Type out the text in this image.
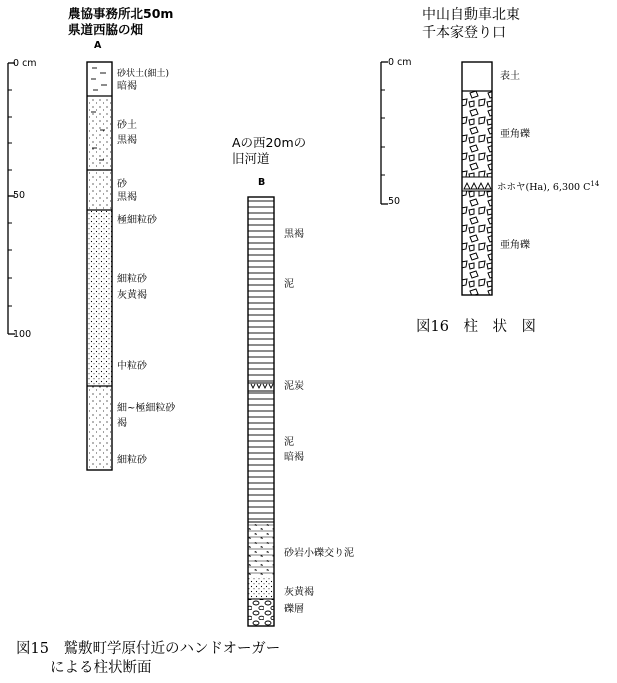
農協事務所北50m
県道西脇の畑
A
Aの西20mの
旧河道
B
0 cm
50
100
砂状土(細土)
暗褐
砂土
黒褐
砂
黒褐
極細粒砂
細粒砂
灰黄褐
中粒砂
細~極細粒砂
褐
細粒砂
黒褐
泥
泥炭
泥
暗褐
砂岩小礫交り泥
灰黄褐
礫層
図15　鷲敷町学原付近のハンドオーガー
による柱状断面
中山自動車北東
千本家登り口
0 cm
50
表土
亜角礫
ホホヤ(Ha), 6,300 $C^{14}$
亜角礫
図16　柱　状　図
